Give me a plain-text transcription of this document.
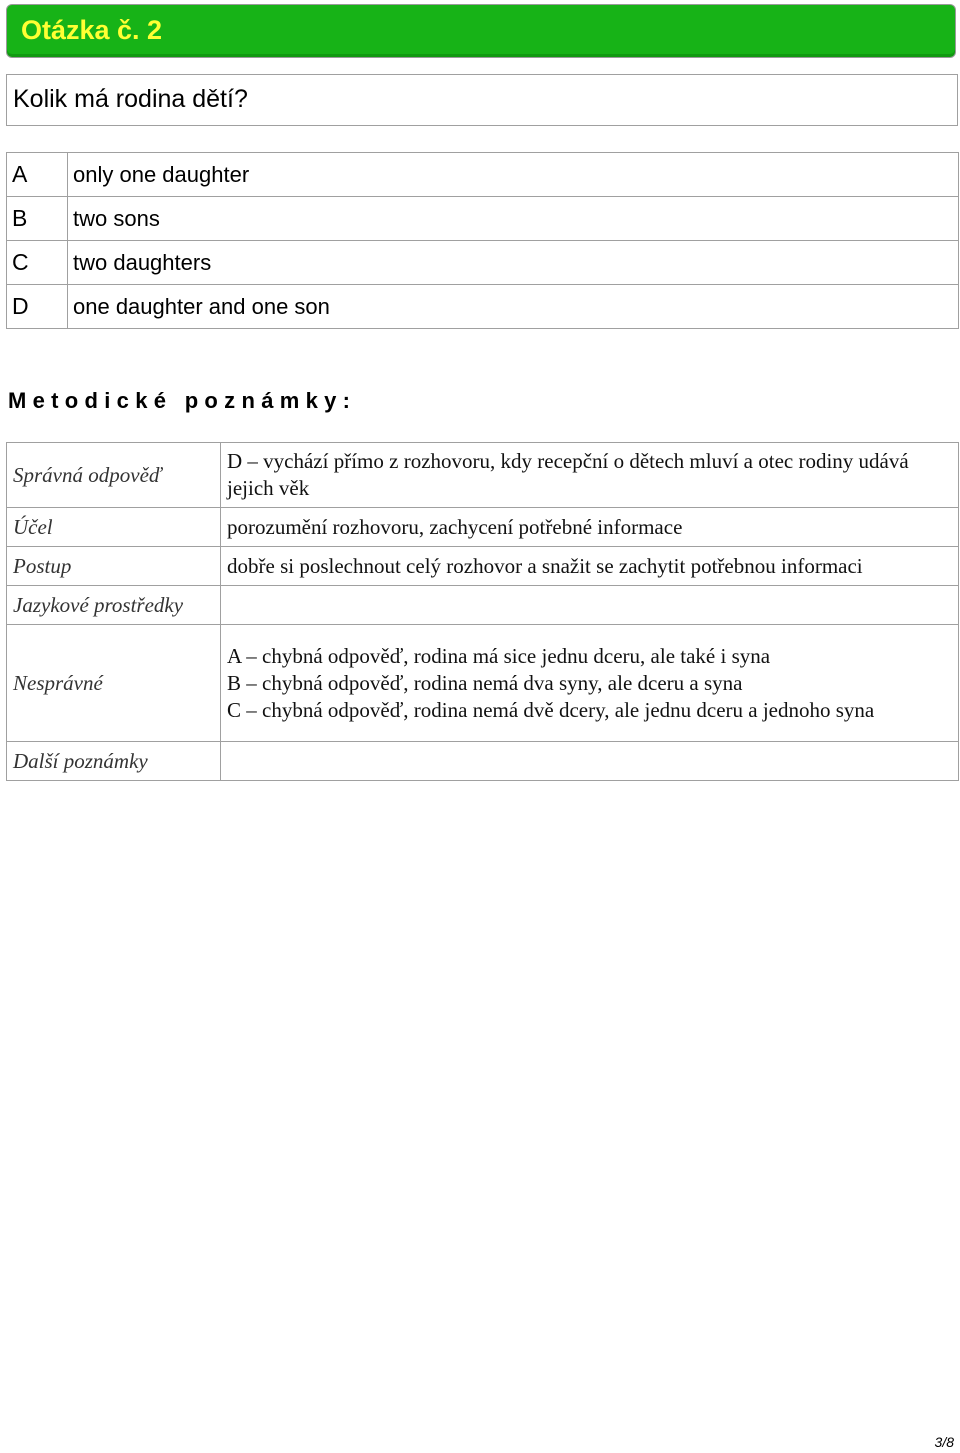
Otázka č. 2
Kolik má rodina dětí?
A	only one daughter
B	two sons
C	two daughters
D	one daughter and one son
Metodické poznámky:
Správná odpověď	D – vychází přímo z rozhovoru, kdy recepční o dětech mluví a otec rodiny udává jejich věk
Účel	porozumění rozhovoru, zachycení potřebné informace
Postup	dobře si poslechnout celý rozhovor a snažit se zachytit potřebnou informaci
Jazykové prostředky	
Nesprávné	A – chybná odpověď, rodina má sice jednu dceru, ale také i syna
B – chybná odpověď, rodina nemá dva syny, ale dceru a syna
C – chybná odpověď, rodina nemá dvě dcery, ale jednu dceru a jednoho syna

Další poznámky	
3/8
